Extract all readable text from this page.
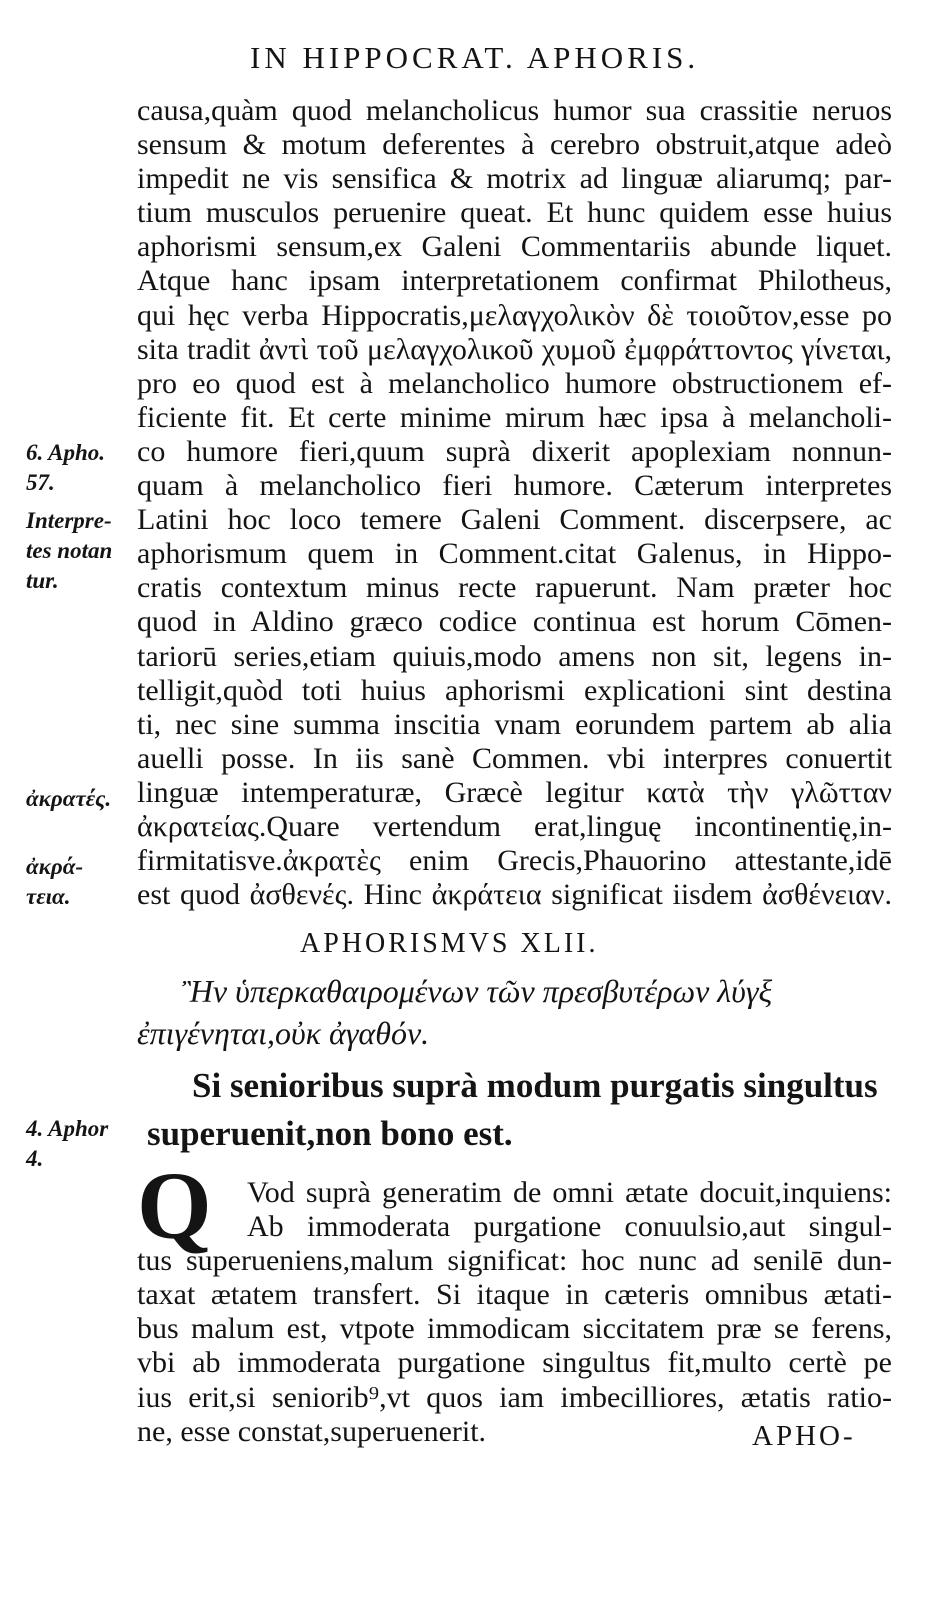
IN HIPPOCRAT. APHORIS.
causa,quàm quod melancholicus humor sua crassitie neruos
sensum & motum deferentes à cerebro obstruit,atque adeò
impedit ne vis sensifica & motrix ad linguæ aliarumq; par-
tium musculos peruenire queat. Et hunc quidem esse huius
aphorismi sensum,ex Galeni Commentariis abunde liquet.
Atque hanc ipsam interpretationem confirmat Philotheus,
qui hęc verba Hippocratis,μελαγχολικὸν δὲ τοιοῦτον,esse po
sita tradit ἀντὶ τοῦ μελαγχολικοῦ χυμοῦ ἐμφράττοντος γίνεται,
pro eo quod est à melancholico humore obstructionem ef-
ficiente fit. Et certe minime mirum hæc ipsa à melancholi-
co humore fieri,quum suprà dixerit apoplexiam nonnun-
quam à melancholico fieri humore. Cæterum interpretes
Latini hoc loco temere Galeni Comment. discerpsere, ac
aphorismum quem in Comment.citat Galenus, in Hippo-
cratis contextum minus recte rapuerunt. Nam præter hoc
quod in Aldino græco codice continua est horum Cōmen-
tariorū series,etiam quiuis,modo amens non sit, legens in-
telligit,quòd toti huius aphorismi explicationi sint destina
ti, nec sine summa inscitia vnam eorundem partem ab alia
auelli posse. In iis sanè Commen. vbi interpres conuertit
linguæ intemperaturæ, Græcè legitur κατὰ τὴν γλῶτταν
ἀκρατείας.Quare vertendum erat,linguę incontinentię,in-
firmitatisve.ἀκρατὲς enim Grecis,Phauorino attestante,idē
est quod ἀσθενές. Hinc ἀκράτεια significat iisdem ἀσθένειαν.
6. Apho.
57.
Interpre-
tes notan
tur.
ἀκρατές.
ἀκρά-
τεια.
4. Aphor
4.
APHORISMVS XLII.
Ἢν ὑπερκαθαιρομένων τῶν πρεσβυτέρων λύγξ
ἐπιγένηται,οὐκ ἀγαθόν.
Si senioribus suprà modum purgatis singultus
superuenit,non bono est.
Q	Vod suprà generatim de omni ætate docuit,inquiens:
Ab immoderata purgatione conuulsio,aut singul-
tus superueniens,malum significat: hoc nunc ad senilē dun-
taxat ætatem transfert. Si itaque in cæteris omnibus ætati-
bus malum est, vtpote immodicam siccitatem præ se ferens,
vbi ab immoderata purgatione singultus fit,multo certè pe
ius erit,si seniorib⁹,vt quos iam imbecilliores, ætatis ratio-
ne, esse constat,superuenerit.	APHO-
